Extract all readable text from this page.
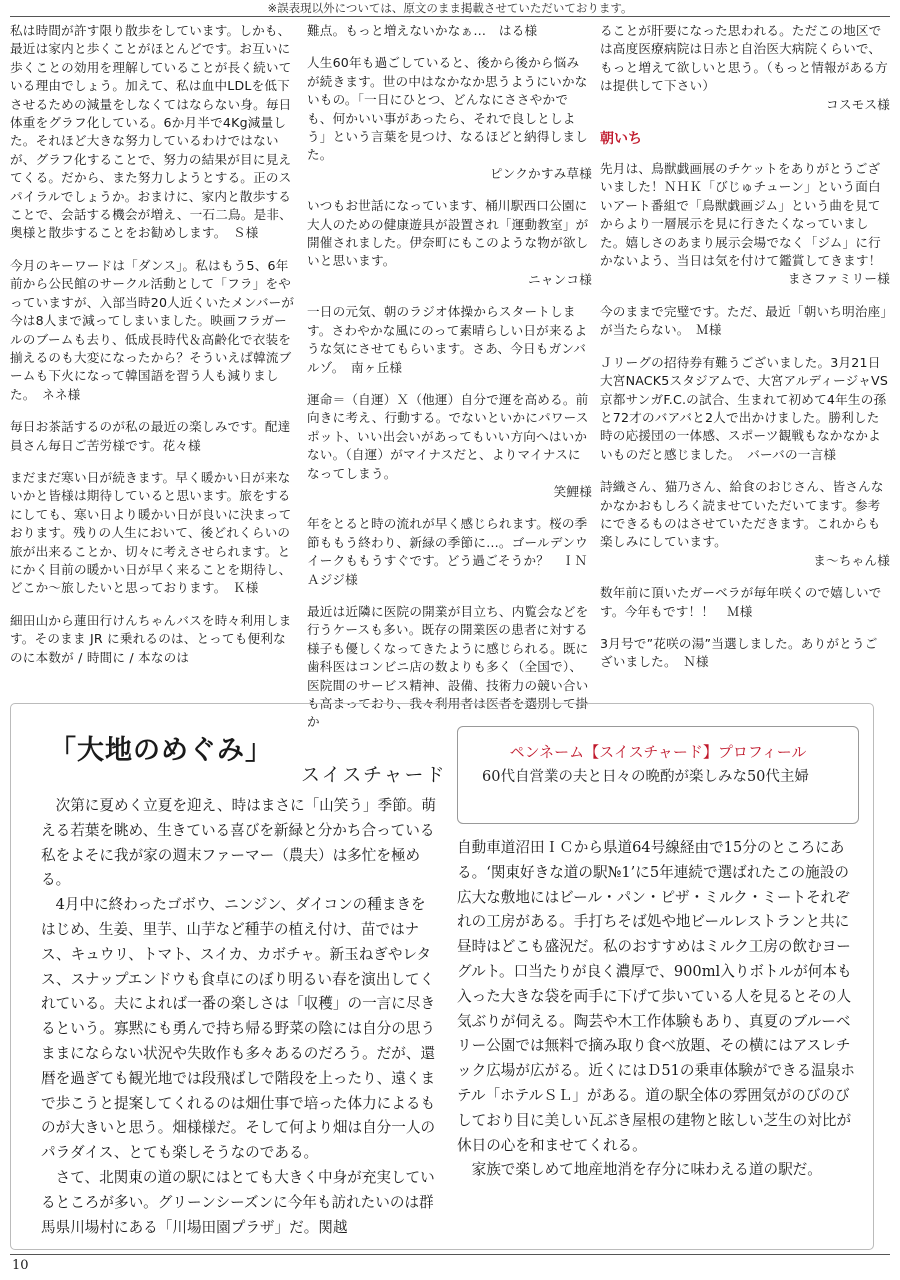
※誤表現以外については、原文のまま掲載させていただいております。
私は時間が許す限り散歩をしています。しかも、最近は家内と歩くことがほとんどです。お互いに歩くことの効用を理解していることが長く続いている理由でしょう。加えて、私は血中LDLを低下させるための減量をしなくてはならない身。毎日体重をグラフ化している。6か月半で4Kg減量した。それほど大きな努力しているわけではないが、グラフ化することで、努力の結果が目に見えてくる。だから、また努力しようとする。正のスパイラルでしょうか。おまけに、家内と散歩することで、会話する機会が増え、一石二鳥。是非、奥様と散歩することをお勧めします。　Ｓ様
今月のキーワードは「ダンス」。私はもう5、6年前から公民館のサークル活動として「フラ」をやっていますが、入部当時20人近くいたメンバーが今は8人まで減ってしまいました。映画フラガールのブームも去り、低成長時代＆高齢化で衣装を揃えるのも大変になったから？そういえば韓流ブームも下火になって韓国語を習う人も減りました。　ネネ様
毎日お茶話するのが私の最近の楽しみです。配達員さん毎日ご苦労様です。花々様
まだまだ寒い日が続きます。早く暖かい日が来ないかと皆様は期待していると思います。旅をするにしても、寒い日より暖かい日が良いに決まっております。残りの人生において、後どれくらいの旅が出来ることか、切々に考えさせられます。とにかく目前の暖かい日が早く来ることを期待し、どこか～旅したいと思っております。　Ｋ様
細田山から蓮田行けんちゃんバスを時々利用します。そのまま JR に乗れるのは、とっても便利なのに本数が / 時間に / 本なのは
難点。もっと増えないかなぁ…　はる様
人生60年も過ごしていると、後から後から悩みが続きます。世の中はなかなか思うようにいかないもの。「一日にひとつ、どんなにささやかでも、何かいい事があったら、それで良しとしよう」という言葉を見つけ、なるほどと納得しました。
ピンクかすみ草様
いつもお世話になっています、桶川駅西口公園に大人のための健康遊具が設置され「運動教室」が開催されました。伊奈町にもこのような物が欲しいと思います。
ニャンコ様
一日の元気、朝のラジオ体操からスタートします。さわやかな風にのって素晴らしい日が来るような気にさせてもらいます。さあ、今日もガンバルゾ。　南ヶ丘様
運命＝（自運）Ｘ（他運）自分で運を高める。前向きに考え、行動する。でないといかにパワースポット、いい出会いがあってもいい方向へはいかない。（自運）がマイナスだと、よりマイナスになってしまう。
笑鯉様
年をとると時の流れが早く感じられます。桜の季節ももう終わり、新緑の季節に…。ゴールデンウイークももうすぐです。どう過ごそうか？　ＩＮＡジジ様
最近は近隣に医院の開業が目立ち、内覧会などを行うケースも多い。既存の開業医の患者に対する様子も優しくなってきたように感じられる。既に歯科医はコンビニ店の数よりも多く（全国で）、医院間のサービス精神、設備、技術力の競い合いも高まっており、我々利用者は医者を選別して掛か
ることが肝要になった思われる。ただこの地区では高度医療病院は日赤と自治医大病院くらいで、もっと増えて欲しいと思う。（もっと情報がある方は提供して下さい）
コスモス様
朝いち
先月は、鳥獣戯画展のチケットをありがとうございました！ＮＨＫ「びじゅチューン」という面白いアート番組で「鳥獣戯画ジム」という曲を見てからより一層展示を見に行きたくなっていました。嬉しさのあまり展示会場でなく「ジム」に行かないよう、当日は気を付けて鑑賞してきます！
まさファミリー様
今のままで完璧です。ただ、最近「朝いち明治座」が当たらない。　Ｍ様
Ｊリーグの招待券有難うございました。3月21日大宮NACK5スタジアムで、大宮アルディージャVS京都サンガF.C.の試合、生まれて初めて4年生の孫と72才のバアバと2人で出かけました。勝利した時の応援団の一体感、スポーツ観戦もなかなかよいものだと感じました。　バーバの一言様
詩織さん、猫乃さん、給食のおじさん、皆さんなかなかおもしろく読ませていただいてます。参考にできるものはさせていただきます。これからも楽しみにしています。
ま～ちゃん様
数年前に頂いたガーベラが毎年咲くので嬉しいです。今年もです！！　Ｍ様
3月号で”花咲の湯”当選しました。ありがとうございました。　Ｎ様
「大地のめぐみ」
スイスチャード
ペンネーム【スイスチャード】プロフィール
60代自営業の夫と日々の晩酌が楽しみな50代主婦

次第に夏めく立夏を迎え、時はまさに「山笑う」季節。萌える若葉を眺め、生きている喜びを新緑と分かち合っている私をよそに我が家の週末ファーマー（農夫）は多忙を極める。

4月中に終わったゴボウ、ニンジン、ダイコンの種まきをはじめ、生姜、里芋、山芋など種芋の植え付け、苗ではナス、キュウリ、トマト、スイカ、カボチャ。新玉ねぎやレタス、スナップエンドウも食卓にのぼり明るい春を演出してくれている。夫によれば一番の楽しさは「収穫」の一言に尽きるという。寡黙にも勇んで持ち帰る野菜の陰には自分の思うままにならない状況や失敗作も多々あるのだろう。だが、還暦を過ぎても観光地では段飛ばしで階段を上ったり、遠くまで歩こうと提案してくれるのは畑仕事で培った体力によるものが大きいと思う。畑様様だ。そして何より畑は自分一人のパラダイス、とても楽しそうなのである。

さて、北関東の道の駅にはとても大きく中身が充実しているところが多い。グリーンシーズンに今年も訪れたいのは群馬県川場村にある「川場田園プラザ」だ。関越

自動車道沼田ＩＣから県道64号線経由で15分のところにある。‘関東好きな道の駅№1’に5年連続で選ばれたこの施設の広大な敷地にはビール・パン・ピザ・ミルク・ミートそれぞれの工房がある。手打ちそば処や地ビールレストランと共に昼時はどこも盛況だ。私のおすすめはミルク工房の飲むヨーグルト。口当たりが良く濃厚で、900ml入りボトルが何本も入った大きな袋を両手に下げて歩いている人を見るとその人気ぶりが伺える。陶芸や木工作体験もあり、真夏のブルーベリー公園では無料で摘み取り食べ放題、その横にはアスレチック広場が広がる。近くにはＤ51の乗車体験ができる温泉ホテル「ホテルＳＬ」がある。道の駅全体の雰囲気がのびのびしており目に美しい瓦ぶき屋根の建物と眩しい芝生の対比が休日の心を和ませてくれる。

家族で楽しめて地産地消を存分に味わえる道の駅だ。

10
